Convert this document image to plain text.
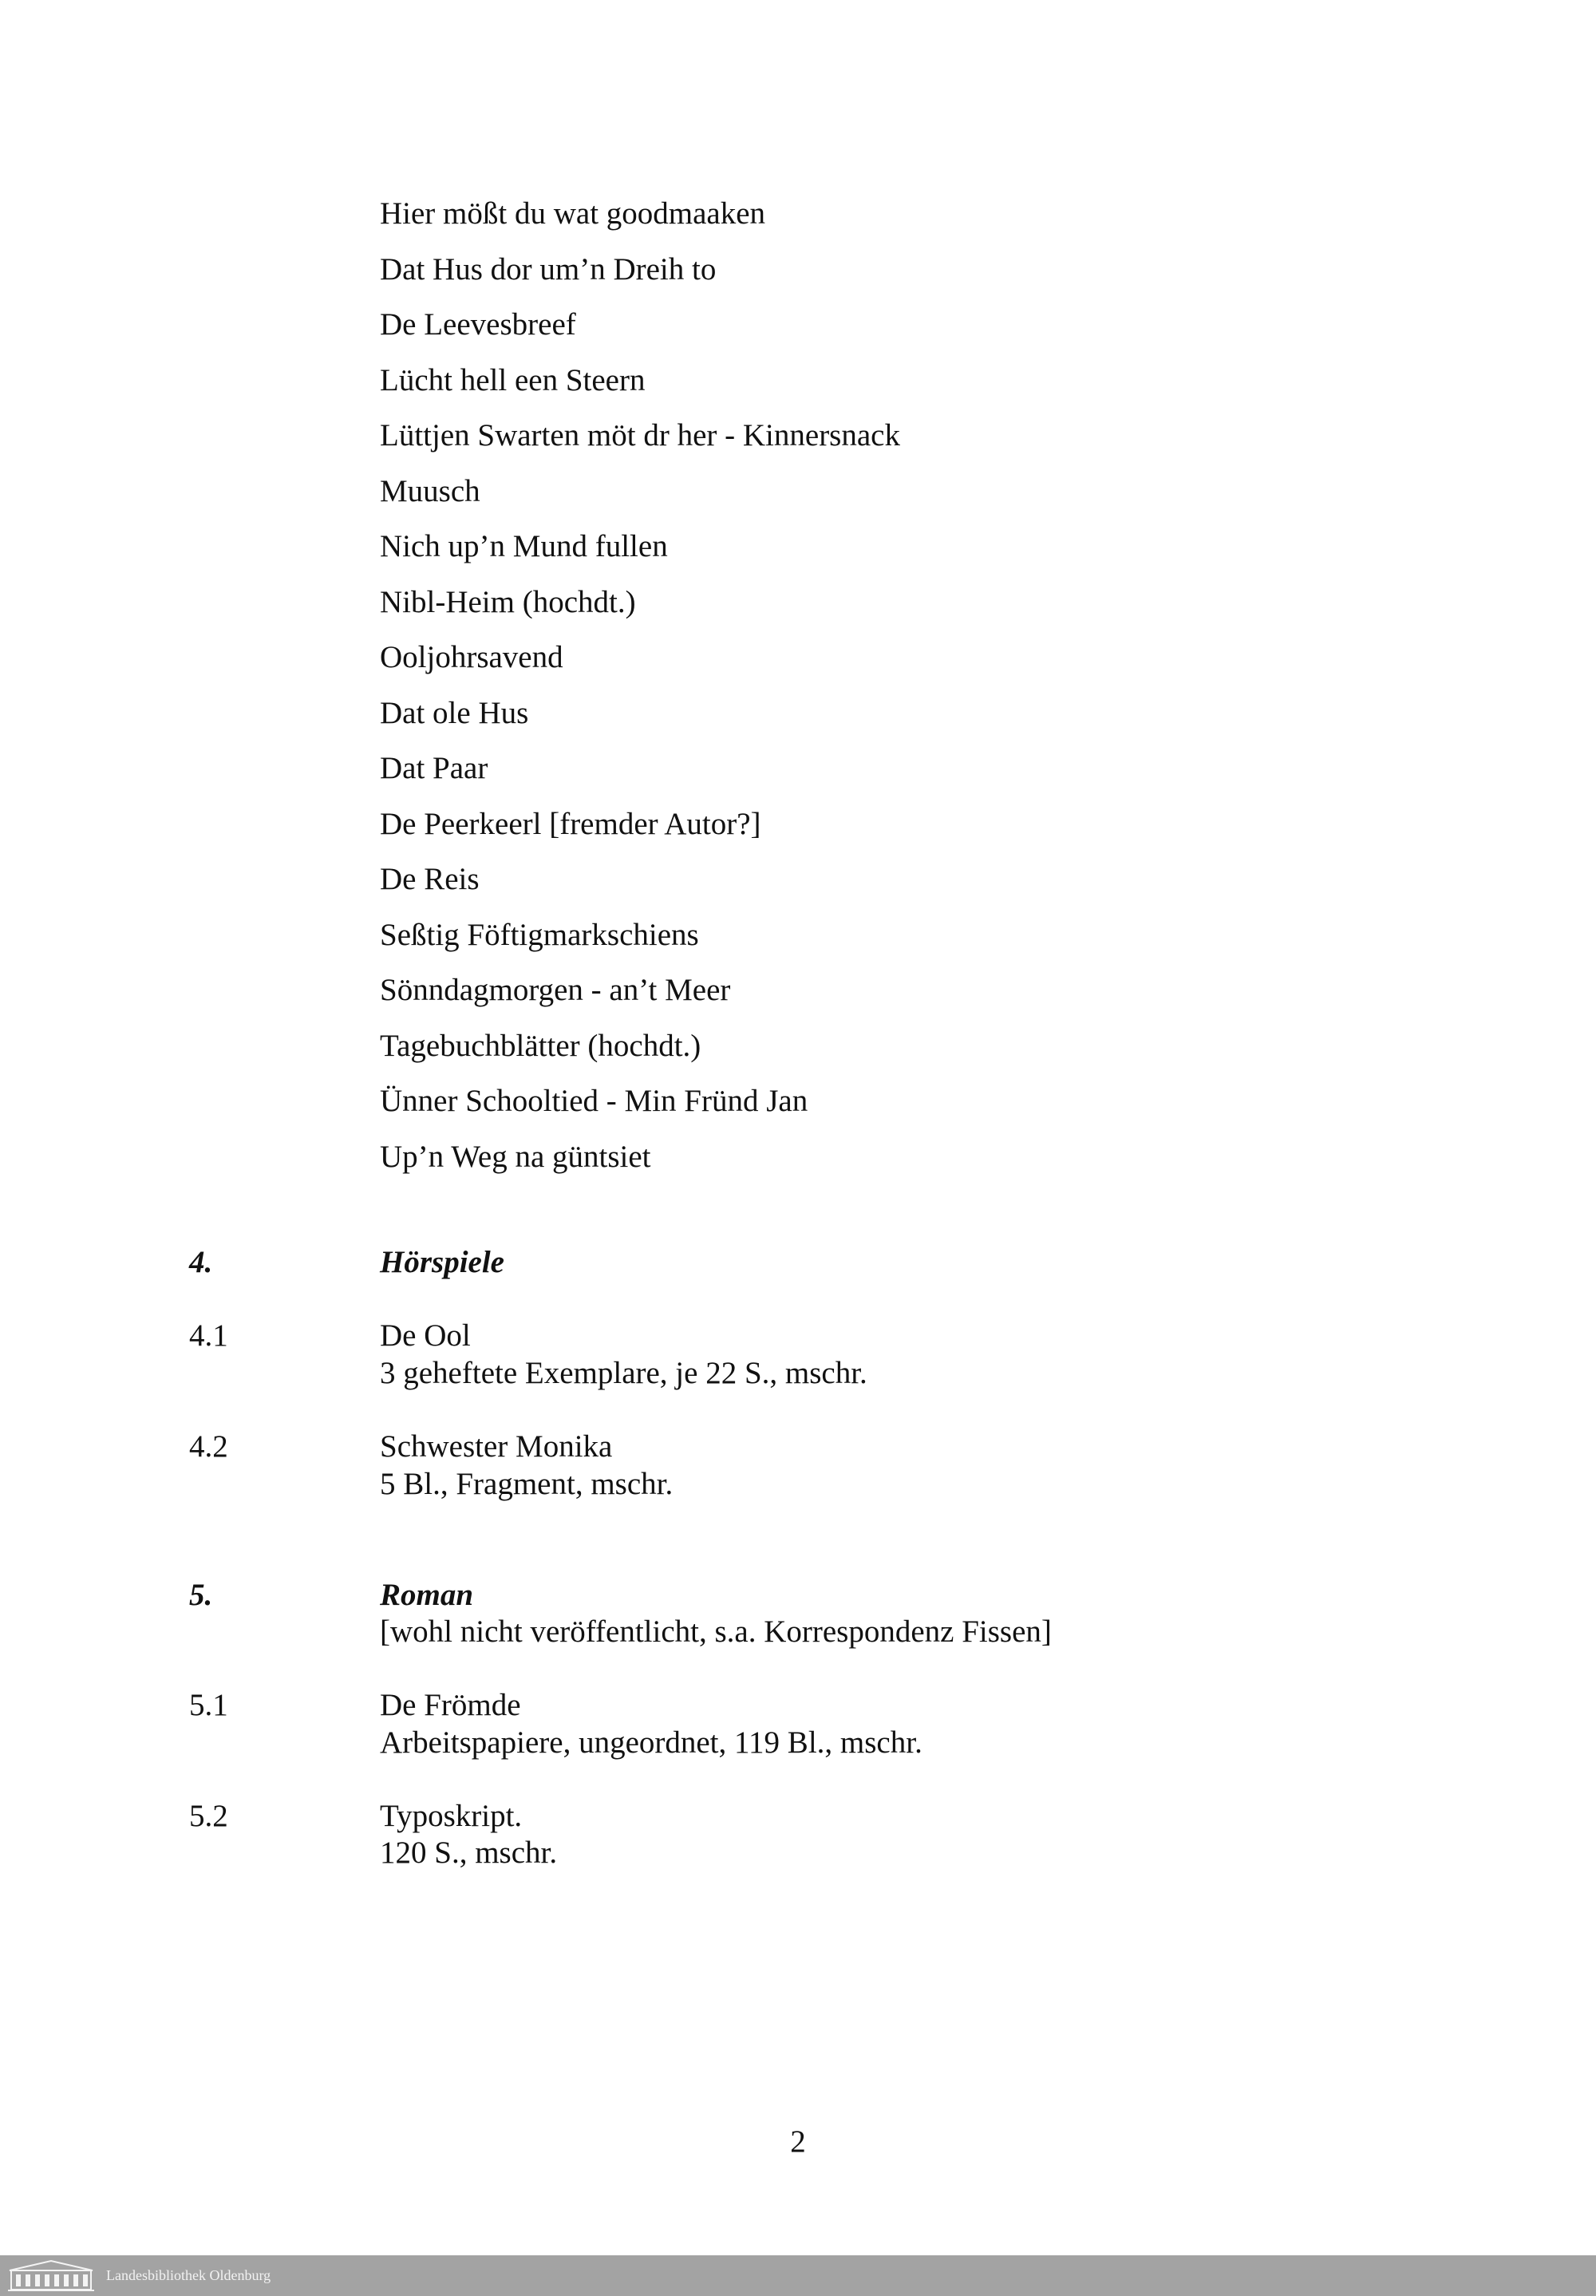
Hier mößt du wat goodmaaken
Dat Hus dor um’n Dreih to
De Leevesbreef
Lücht hell een Steern
Lüttjen Swarten möt dr her - Kinnersnack
Muusch
Nich up’n Mund fullen
Nibl-Heim (hochdt.)
Ooljohrsavend
Dat ole Hus
Dat Paar
De Peerkeerl [fremder Autor?]
De Reis
Seßtig Föftigmarkschiens
Sönndagmorgen - an’t Meer
Tagebuchblätter (hochdt.)
Ünner Schooltied - Min Fründ Jan
Up’n Weg na güntsiet
4.	Hörspiele
4.1	De Ool
3 geheftete Exemplare, je 22 S., mschr.
4.2	Schwester Monika
5 Bl., Fragment, mschr.
5.	Roman
[wohl nicht veröffentlicht, s.a. Korrespondenz Fissen]
5.1	De Frömde
Arbeitspapiere, ungeordnet, 119 Bl., mschr.
5.2	Typoskript.
120 S., mschr.
2
Landesbibliothek Oldenburg
